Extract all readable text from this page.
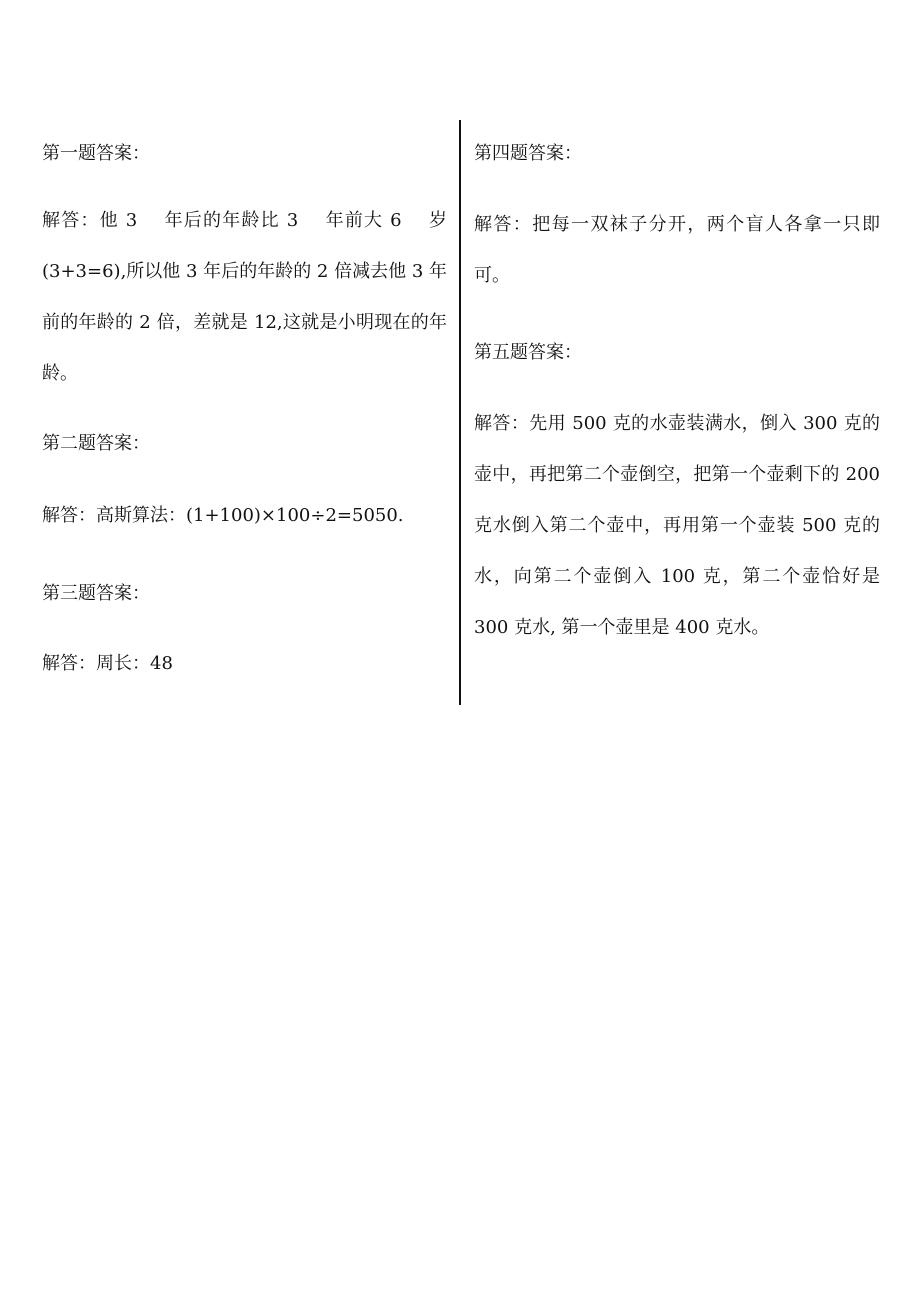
第一题答案：
解答：他 3　 年后的年龄比 3　 年前大 6　 岁(3+3=6),所以他 3 年后的年龄的 2 倍减去他 3 年前的年龄的 2 倍，差就是 12,这就是小明现在的年龄。
第二题答案：
解答：高斯算法：(1+100)×100÷2=5050.
第三题答案：
解答：周长：48
第四题答案：
解答：把每一双袜子分开，两个盲人各拿一只即可。
第五题答案：
解答：先用 500 克的水壶装满水，倒入 300 克的壶中，再把第二个壶倒空，把第一个壶剩下的 200 克水倒入第二个壶中，再用第一个壶装 500 克的水，向第二个壶倒入 100 克，第二个壶恰好是 300 克水, 第一个壶里是 400 克水。
